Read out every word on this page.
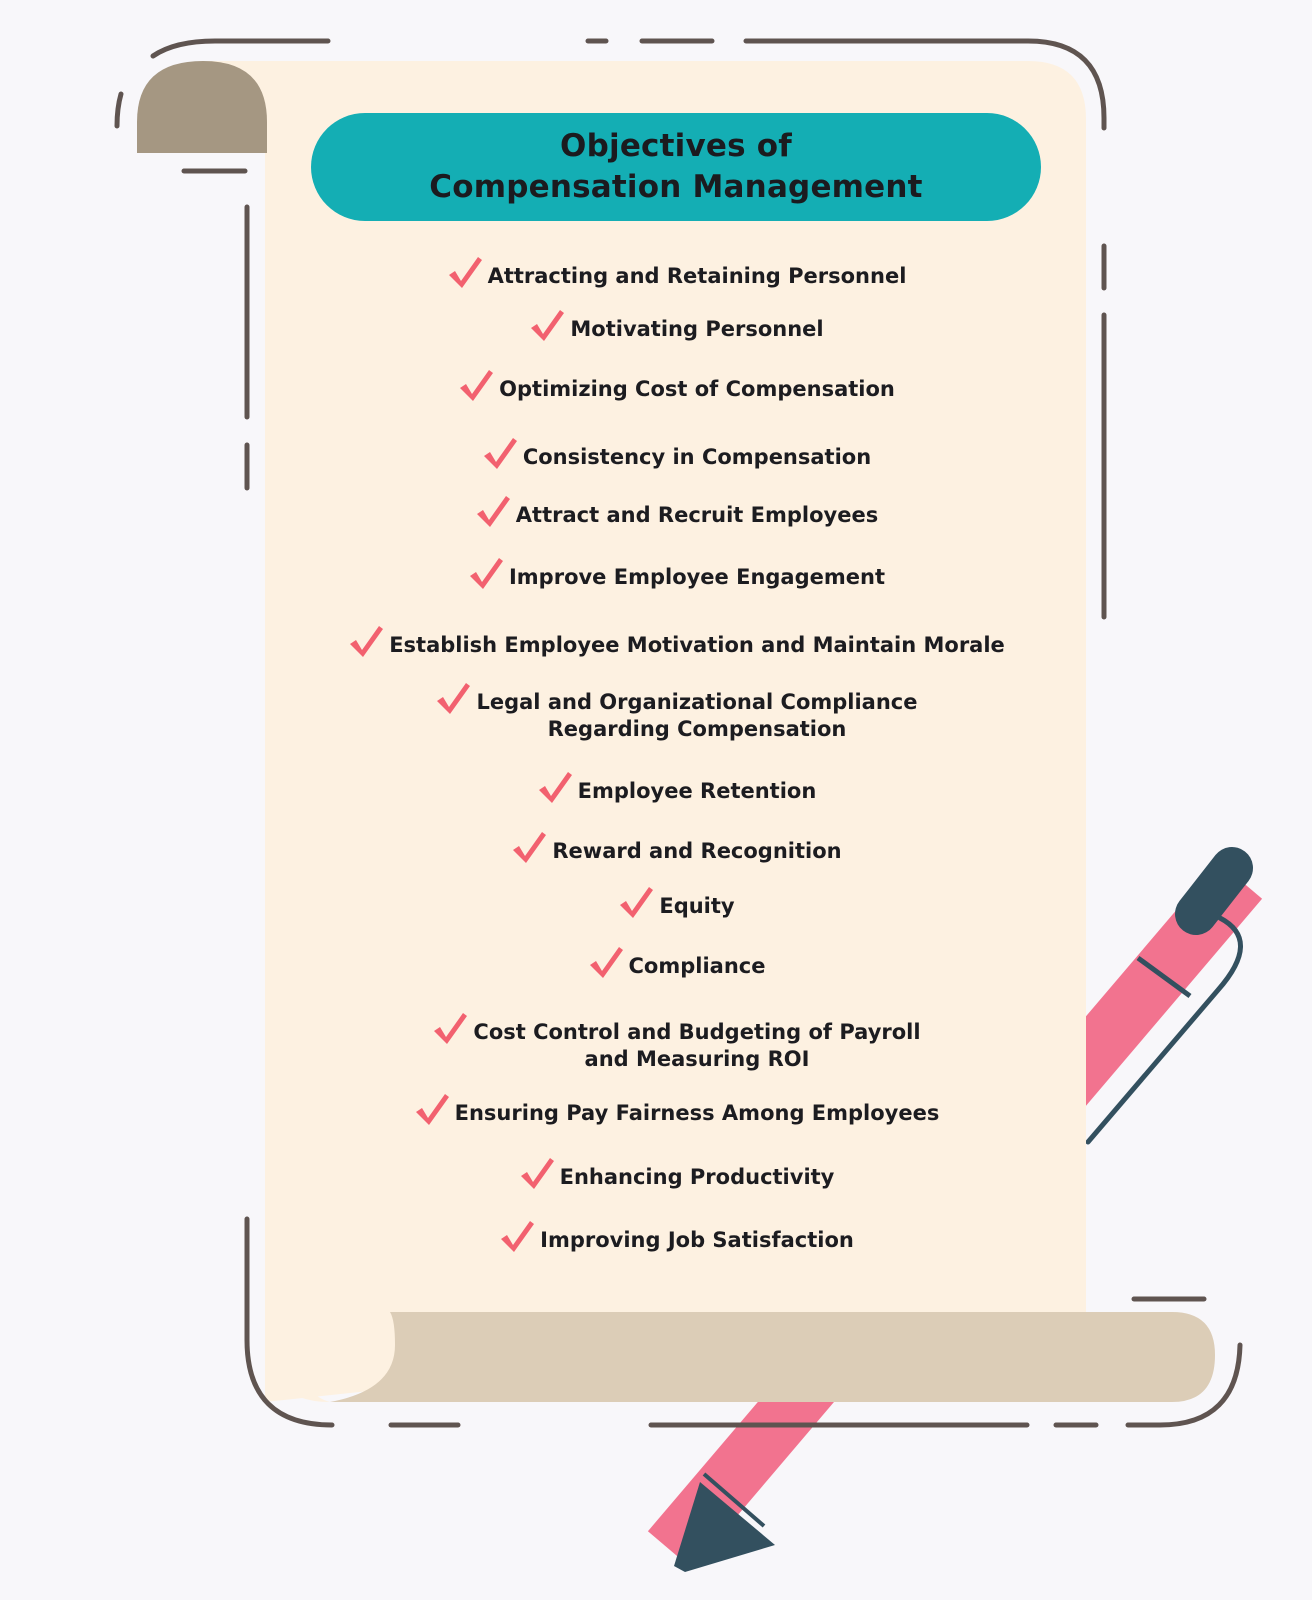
Objectives of
Compensation Management
Attracting and Retaining Personnel
Motivating Personnel
Optimizing Cost of Compensation
Consistency in Compensation
Attract and Recruit Employees
Improve Employee Engagement
Establish Employee Motivation and Maintain Morale
Legal and Organizational Compliance
Regarding Compensation
Employee Retention
Reward and Recognition
Equity
Compliance
Cost Control and Budgeting of Payroll
and Measuring ROI
Ensuring Pay Fairness Among Employees
Enhancing Productivity
Improving Job Satisfaction
